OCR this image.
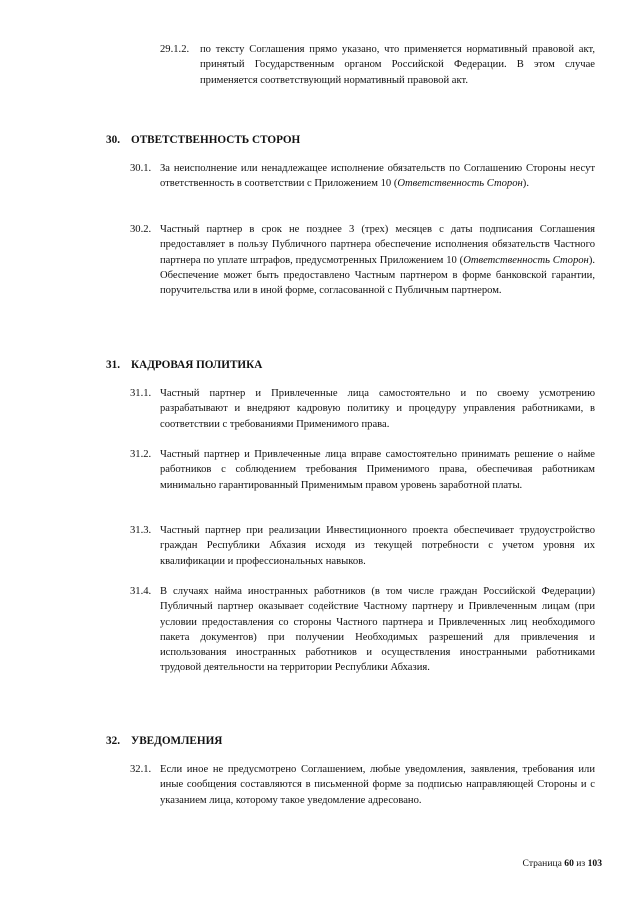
29.1.2. по тексту Соглашения прямо указано, что применяется нормативный правовой акт, принятый Государственным органом Российской Федерации. В этом случае применяется соответствующий нормативный правовой акт.
30. ОТВЕТСТВЕННОСТЬ СТОРОН
30.1. За неисполнение или ненадлежащее исполнение обязательств по Соглашению Стороны несут ответственность в соответствии с Приложением 10 (Ответственность Сторон).
30.2. Частный партнер в срок не позднее 3 (трех) месяцев с даты подписания Соглашения предоставляет в пользу Публичного партнера обеспечение исполнения обязательств Частного партнера по уплате штрафов, предусмотренных Приложением 10 (Ответственность Сторон). Обеспечение может быть предоставлено Частным партнером в форме банковской гарантии, поручительства или в иной форме, согласованной с Публичным партнером.
31. КАДРОВАЯ ПОЛИТИКА
31.1. Частный партнер и Привлеченные лица самостоятельно и по своему усмотрению разрабатывают и внедряют кадровую политику и процедуру управления работниками, в соответствии с требованиями Применимого права.
31.2. Частный партнер и Привлеченные лица вправе самостоятельно принимать решение о найме работников с соблюдением требования Применимого права, обеспечивая работникам минимально гарантированный Применимым правом уровень заработной платы.
31.3. Частный партнер при реализации Инвестиционного проекта обеспечивает трудоустройство граждан Республики Абхазия исходя из текущей потребности с учетом уровня их квалификации и профессиональных навыков.
31.4. В случаях найма иностранных работников (в том числе граждан Российской Федерации) Публичный партнер оказывает содействие Частному партнеру и Привлеченным лицам (при условии предоставления со стороны Частного партнера и Привлеченных лиц необходимого пакета документов) при получении Необходимых разрешений для привлечения и использования иностранных работников и осуществления иностранными работниками трудовой деятельности на территории Республики Абхазия.
32. УВЕДОМЛЕНИЯ
32.1. Если иное не предусмотрено Соглашением, любые уведомления, заявления, требования или иные сообщения составляются в письменной форме за подписью направляющей Стороны и с указанием лица, которому такое уведомление адресовано.
Страница 60 из 103
